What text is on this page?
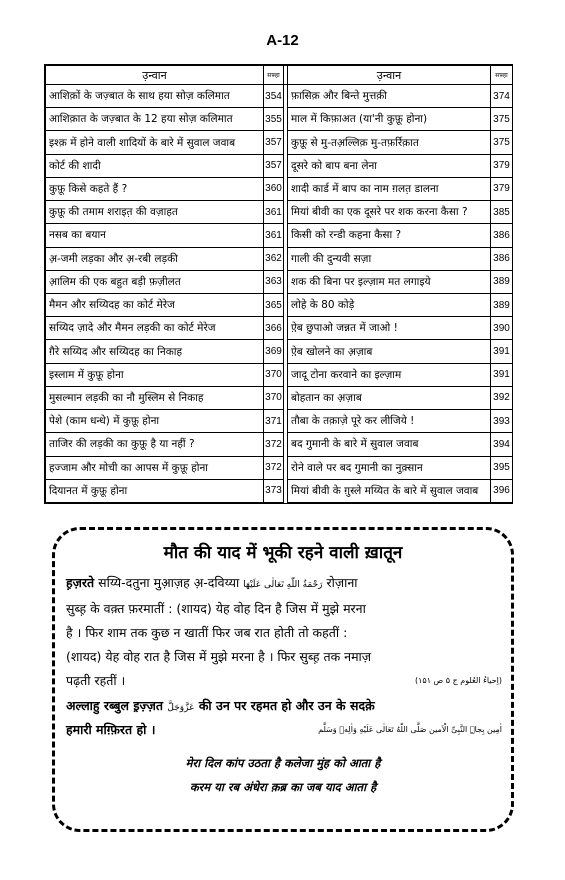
A-12
उ़न्वान	सफ़्हा		उ़न्वान	सफ़्हा
आशिक़ों के जज़्बात के साथ हया सोज़ कलिमात	354		फ़ासिक़ और बिन्ते मुत्तक़ी	374
आशिक़ात के जज़्बात के 12 हया सोज़ कलिमात	355		माल में किफ़ाअत (या'नी कुफ़ू होना)	375
इश्क़ में होने वाली शादियों के बारे में सुवाल जवाब	357		कुफ़ू से मु-तअ़ल्लिक़ मु-तफ़र्रिक़ात	375
कोर्ट की शादी	357		दूसरे को बाप बना लेना	379
कुफ़ू किसे कहते हैं ?	360		शादी कार्ड में बाप का नाम ग़लत़ डालना	379
कुफ़ू की तमाम शराइत़ की वज़ाहत	361		मियां बीवी का एक दूसरे पर शक करना कैसा ?	385
नसब का बयान	361		किसी को रन्डी कहना कैसा ?	386
अ़-जमी लड़का और अ़-रबी लड़की	362		गाली की दुन्यवी सज़ा	386
आ़लिम की एक बहुत बड़ी फ़ज़ीलत	363		शक की बिना पर इल्ज़ाम मत लगाइये	389
मैमन और सय्यिदह का कोर्ट मेरेज	365		लोहे के 80 कोड़े	389
सय्यिद ज़ादे और मैमन लड़की का कोर्ट मेरेज	366		ऐ़ब छुपाओ जन्नत में जाओ !	390
ग़ैरे सय्यिद और सय्यिदह का निकाह	369		ऐ़ब खोलने का अ़ज़ाब	391
इस्लाम में कुफ़ू होना	370		जादू टोना करवाने का इल्ज़ाम	391
मुसल्मान लड़की का नौ मुस्लिम से निकाह	370		बोहतान का अ़ज़ाब	392
पेशे (काम धन्धे) में कुफ़ू होना	371		तौबा के तक़ाज़े पूरे कर लीजिये !	393
ताजिर की लड़की का कुफ़ू है या नहीं ?	372		बद गुमानी के बारे में सुवाल जवाब	394
हज्जाम और मोची का आपस में कुफ़ू होना	372		रोने वाले पर बद गुमानी का नुक़्सान	395
दियानत में कुफ़ू होना	373		मियां बीवी के ग़ुस्ले मय्यित के बारे में सुवाल जवाब	396
मौत की याद में भूकी रहने वाली ख़ातून
ह़ज़रते सय्यि-दतुना मुआ़ज़ह अ़-दविय्या رَحْمَةُ اللّٰهِ تَعَالٰی عَلَیْهَا रोज़ाना
सुब्ह़ के वक़्त फ़रमातीं : (शायद) येह वोह दिन है जिस में मुझे मरना
है । फिर शाम तक कुछ न खातीं फिर जब रात होती तो कहतीं :
(शायद) येह वोह रात है जिस में मुझे मरना है । फिर सुब्ह़ तक नमाज़
पढ़ती रहतीं ।	(اِحیاءُ العُلوم ج ۵ ص ۱۵۱)
अल्लाहु रब्बुल इ़ज़्ज़त عَزَّوَجَلَّ की उन पर रहमत हो और उन के सदक़े
हमारी मग़्फ़िरत हो ।	اٰمِین بِجاہِ النَّبِیِّ الْاَمین صَلَّی اللّٰهُ تَعَالٰی عَلَیْهِ وَاٰلِهٖ وَسَلَّم
मेरा दिल कांप उठता है कलेजा मुंह को आता है
करम या रब अंधेरा क़ब्र का जब याद आता है
